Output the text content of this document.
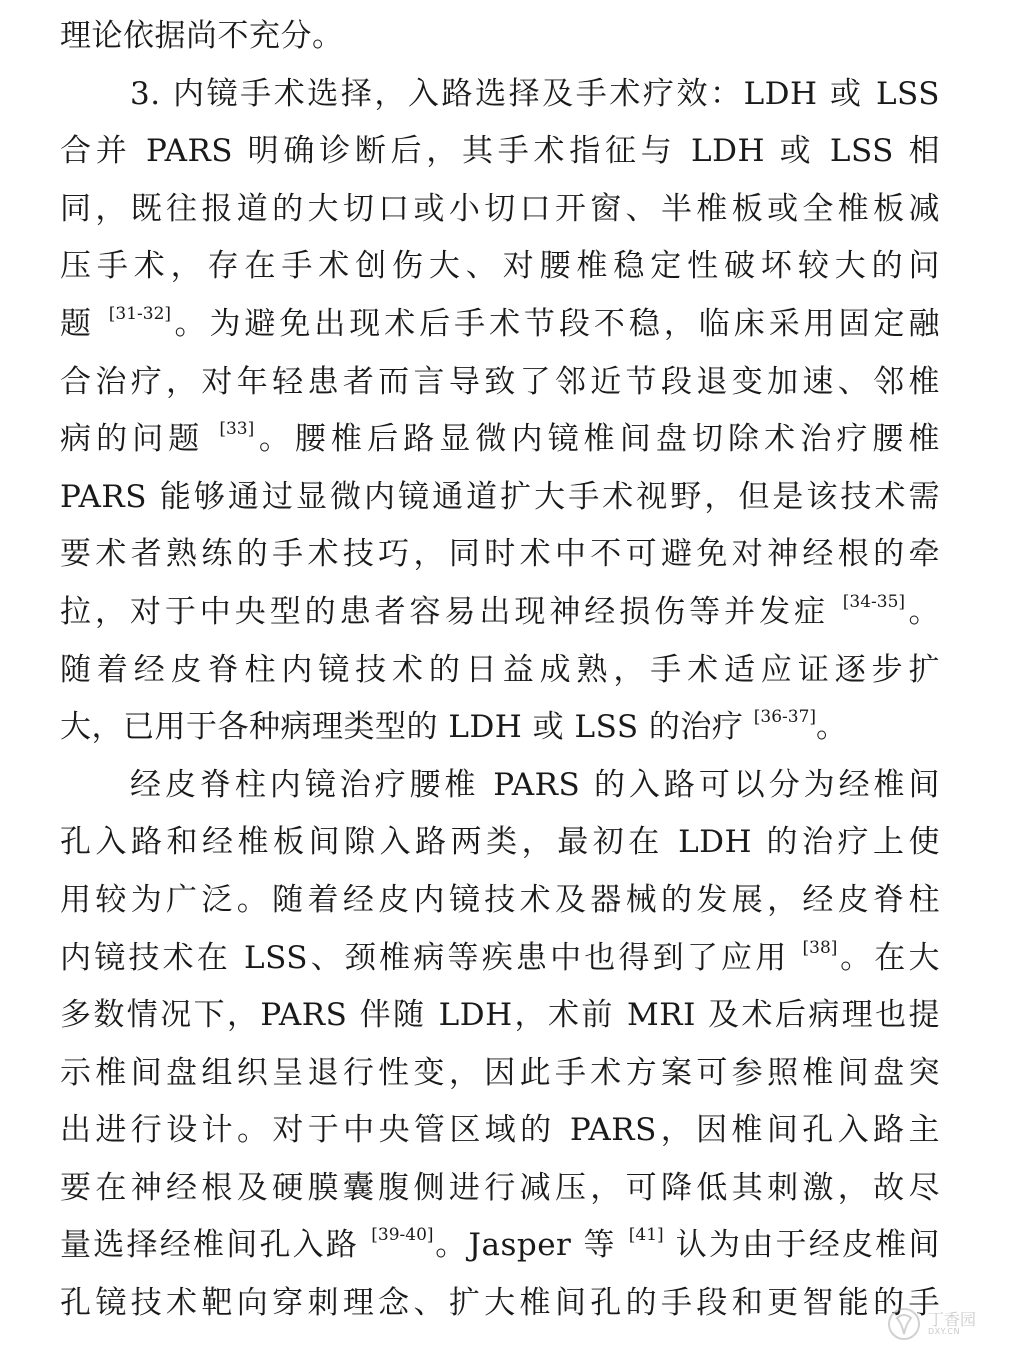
理论依据尚不充分。
3. 内镜手术选择，入路选择及手术疗效：LDH 或 LSS
合并 PARS 明确诊断后，其手术指征与 LDH 或 LSS 相
同，既往报道的大切口或小切口开窗、半椎板或全椎板减
压手术，存在手术创伤大、对腰椎稳定性破坏较大的问
题 [31-32]。为避免出现术后手术节段不稳，临床采用固定融
合治疗，对年轻患者而言导致了邻近节段退变加速、邻椎
病的问题 [33]。腰椎后路显微内镜椎间盘切除术治疗腰椎
PARS 能够通过显微内镜通道扩大手术视野，但是该技术需
要术者熟练的手术技巧，同时术中不可避免对神经根的牵
拉，对于中央型的患者容易出现神经损伤等并发症 [34-35]。
随着经皮脊柱内镜技术的日益成熟，手术适应证逐步扩
大，已用于各种病理类型的 LDH 或 LSS 的治疗 [36-37]。
经皮脊柱内镜治疗腰椎 PARS 的入路可以分为经椎间
孔入路和经椎板间隙入路两类，最初在 LDH 的治疗上使
用较为广泛。随着经皮内镜技术及器械的发展，经皮脊柱
内镜技术在 LSS、颈椎病等疾患中也得到了应用 [38]。在大
多数情况下，PARS 伴随 LDH，术前 MRI 及术后病理也提
示椎间盘组织呈退行性变，因此手术方案可参照椎间盘突
出进行设计。对于中央管区域的 PARS，因椎间孔入路主
要在神经根及硬膜囊腹侧进行减压，可降低其刺激，故尽
量选择经椎间孔入路 [39-40]。Jasper 等 [41] 认为由于经皮椎间
孔镜技术靶向穿刺理念、扩大椎间孔的手段和更智能的手
丁香园
DXY.CN
